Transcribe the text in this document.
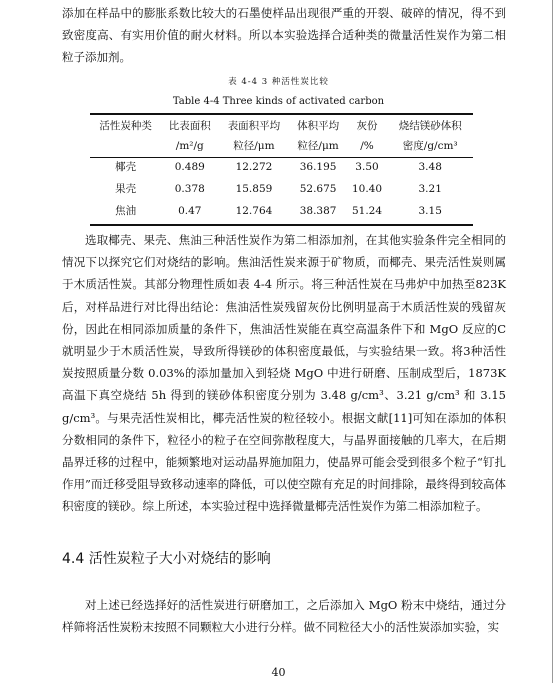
添加在样品中的膨胀系数比较大的石墨使样品出现很严重的开裂、破碎的情况，得不到致密度高、有实用价值的耐火材料。所以本实验选择合适种类的微量活性炭作为第二相粒子添加剂。

表 4-4 3 种活性炭比较
Table 4-4 Three kinds of activated carbon
活性炭种类	比表面积	表面积平均	体积平均	灰份	烧结镁砂体积
	/m²/g	粒径/μm	粒径/μm	/%	密度/g/cm³
椰壳	0.489	12.272	36.195	3.50	3.48
果壳	0.378	15.859	52.675	10.40	3.21
焦油	0.47	12.764	38.387	51.24	3.15

选取椰壳、果壳、焦油三种活性炭作为第二相添加剂，在其他实验条件完全相同的情况下以探究它们对烧结的影响。焦油活性炭来源于矿物质，而椰壳、果壳活性炭则属于木质活性炭。其部分物理性质如表 4-4 所示。将三种活性炭在马弗炉中加热至823K 后，对样品进行对比得出结论：焦油活性炭残留灰份比例明显高于木质活性炭的残留灰份，因此在相同添加质量的条件下，焦油活性炭能在真空高温条件下和 MgO 反应的C 就明显少于木质活性炭，导致所得镁砂的体积密度最低，与实验结果一致。将3种活性炭按照质量分数 0.03%的添加量加入到轻烧 MgO 中进行研磨、压制成型后，1873K 高温下真空烧结 5h 得到的镁砂体积密度分别为 3.48 g/cm³、3.21 g/cm³ 和 3.15 g/cm³。与果壳活性炭相比，椰壳活性炭的粒径较小。根据文献[11]可知在添加的体积分数相同的条件下，粒径小的粒子在空间弥散程度大，与晶界面接触的几率大，在后期晶界迁移的过程中，能频繁地对运动晶界施加阻力，使晶界可能会受到很多个粒子“钉扎作用”而迁移受阻导致移动速率的降低，可以使空隙有充足的时间排除，最终得到较高体积密度的镁砂。综上所述，本实验过程中选择微量椰壳活性炭作为第二相添加粒子。

4.4 活性炭粒子大小对烧结的影响

对上述已经选择好的活性炭进行研磨加工，之后添加入 MgO 粉末中烧结，通过分样筛将活性炭粉末按照不同颗粒大小进行分样。做不同粒径大小的活性炭添加实验，实

40
